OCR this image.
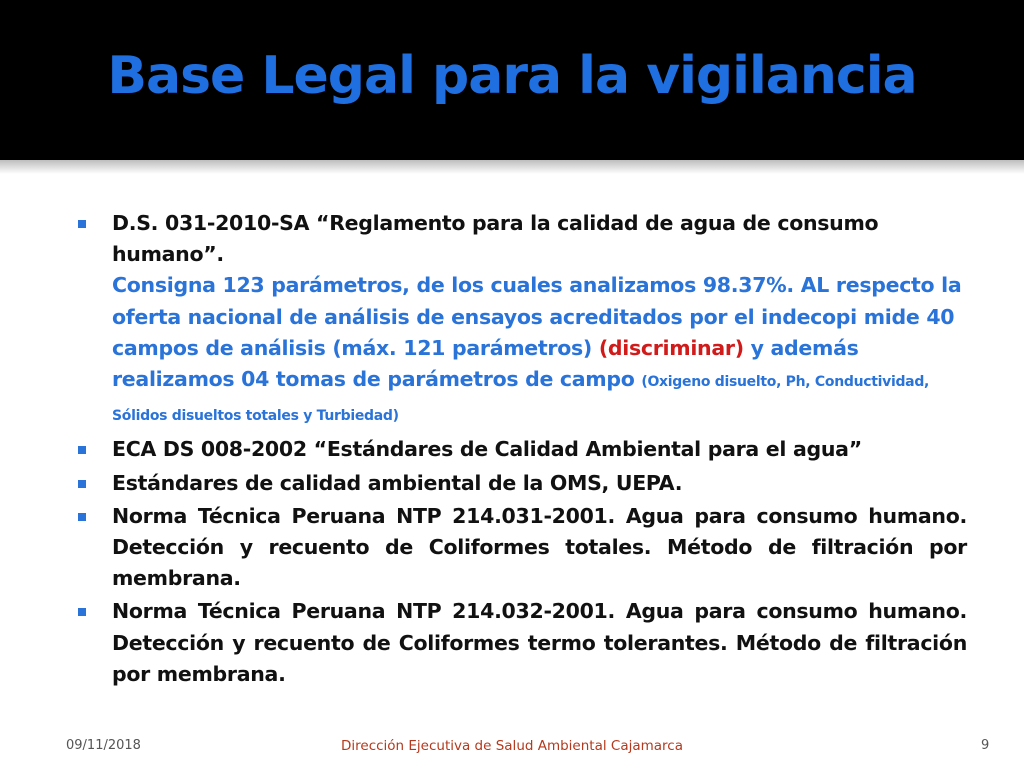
Base Legal para la vigilancia
D.S. 031-2010-SA “Reglamento para la calidad de agua de consumo humano”.
Consigna 123 parámetros, de los cuales analizamos 98.37%. AL respecto la oferta nacional de análisis de ensayos acreditados por el indecopi mide 40 campos de análisis (máx. 121 parámetros) (discriminar) y además realizamos 04 tomas de parámetros de campo (Oxigeno disuelto, Ph, Conductividad, Sólidos disueltos totales y Turbiedad)
ECA DS 008-2002 “Estándares de Calidad Ambiental para el agua”
Estándares de calidad ambiental de la OMS, UEPA.
Norma Técnica Peruana NTP 214.031-2001. Agua para consumo humano. Detección y recuento de Coliformes totales. Método de filtración por membrana.
Norma Técnica Peruana NTP 214.032-2001. Agua para consumo humano. Detección y recuento de Coliformes termo tolerantes. Método de filtración por membrana.
09/11/2018	Dirección Ejecutiva de Salud Ambiental Cajamarca	9
